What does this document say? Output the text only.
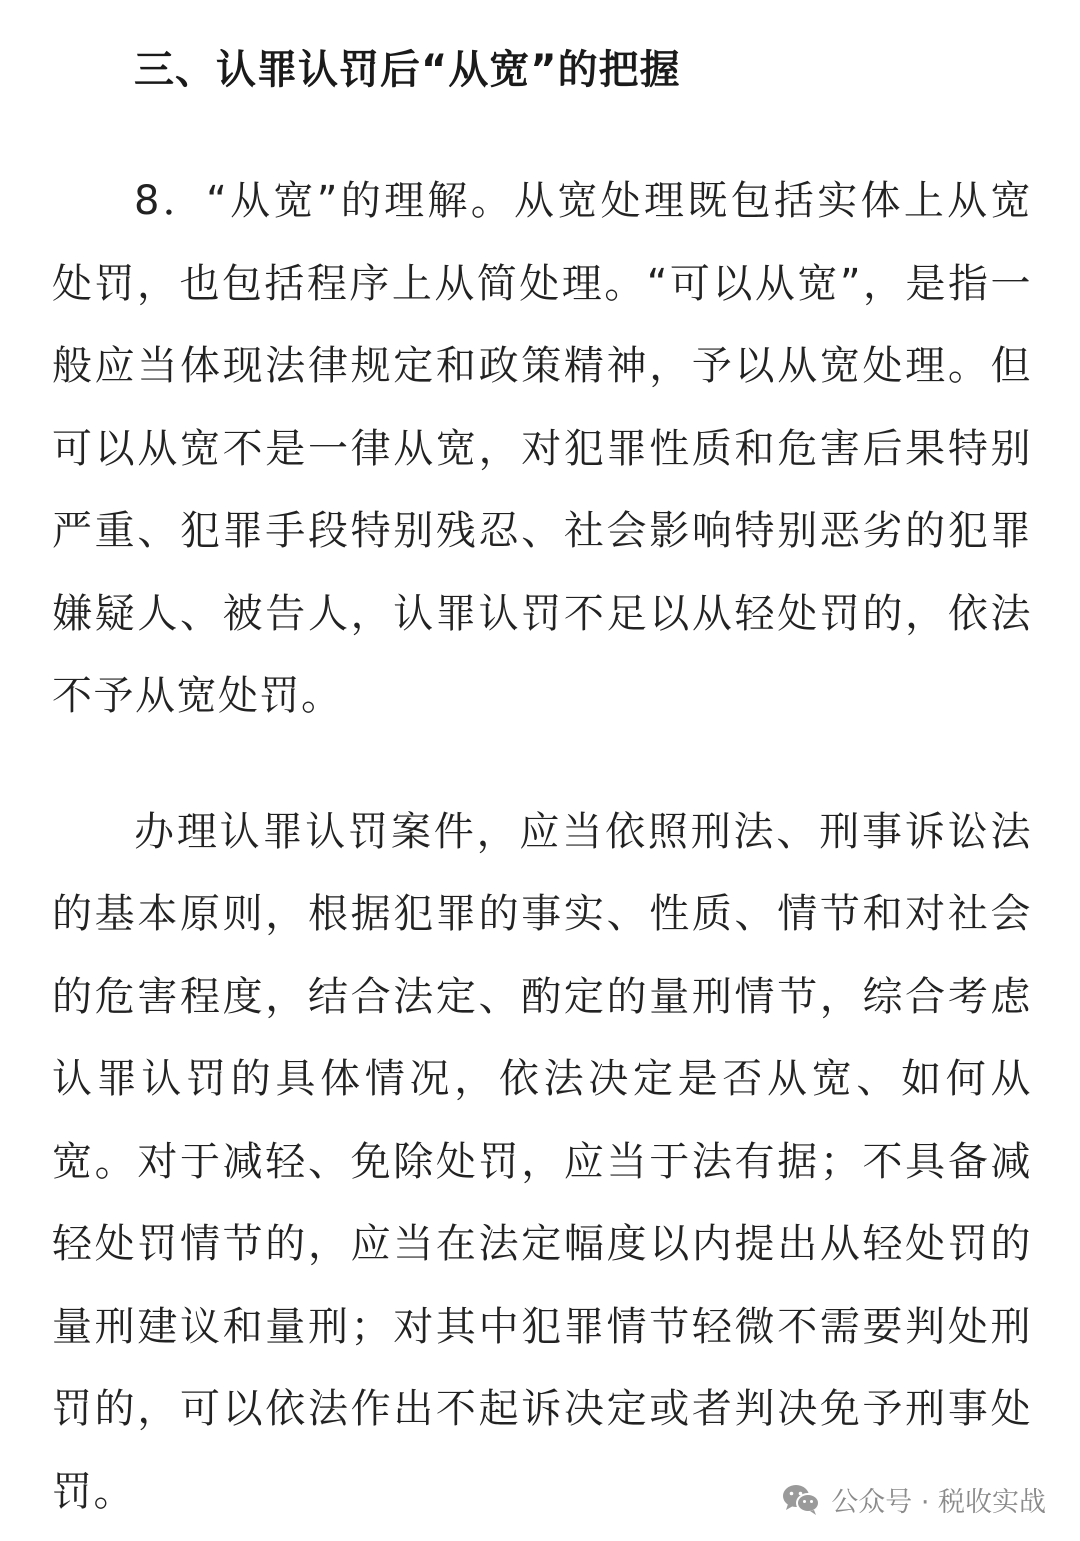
三、认罪认罚后“从宽”的把握

8．“从宽”的理解。从宽处理既包括实体上从宽处罚，也包括程序上从简处理。“可以从宽”，是指一般应当体现法律规定和政策精神，予以从宽处理。但可以从宽不是一律从宽，对犯罪性质和危害后果特别严重、犯罪手段特别残忍、社会影响特别恶劣的犯罪嫌疑人、被告人，认罪认罚不足以从轻处罚的，依法不予从宽处罚。

办理认罪认罚案件，应当依照刑法、刑事诉讼法的基本原则，根据犯罪的事实、性质、情节和对社会的危害程度，结合法定、酌定的量刑情节，综合考虑认罪认罚的具体情况，依法决定是否从宽、如何从宽。对于减轻、免除处罚，应当于法有据；不具备减轻处罚情节的，应当在法定幅度以内提出从轻处罚的量刑建议和量刑；对其中犯罪情节轻微不需要判处刑罚的，可以依法作出不起诉决定或者判决免予刑事处罚。	公众号 · 税收实战
